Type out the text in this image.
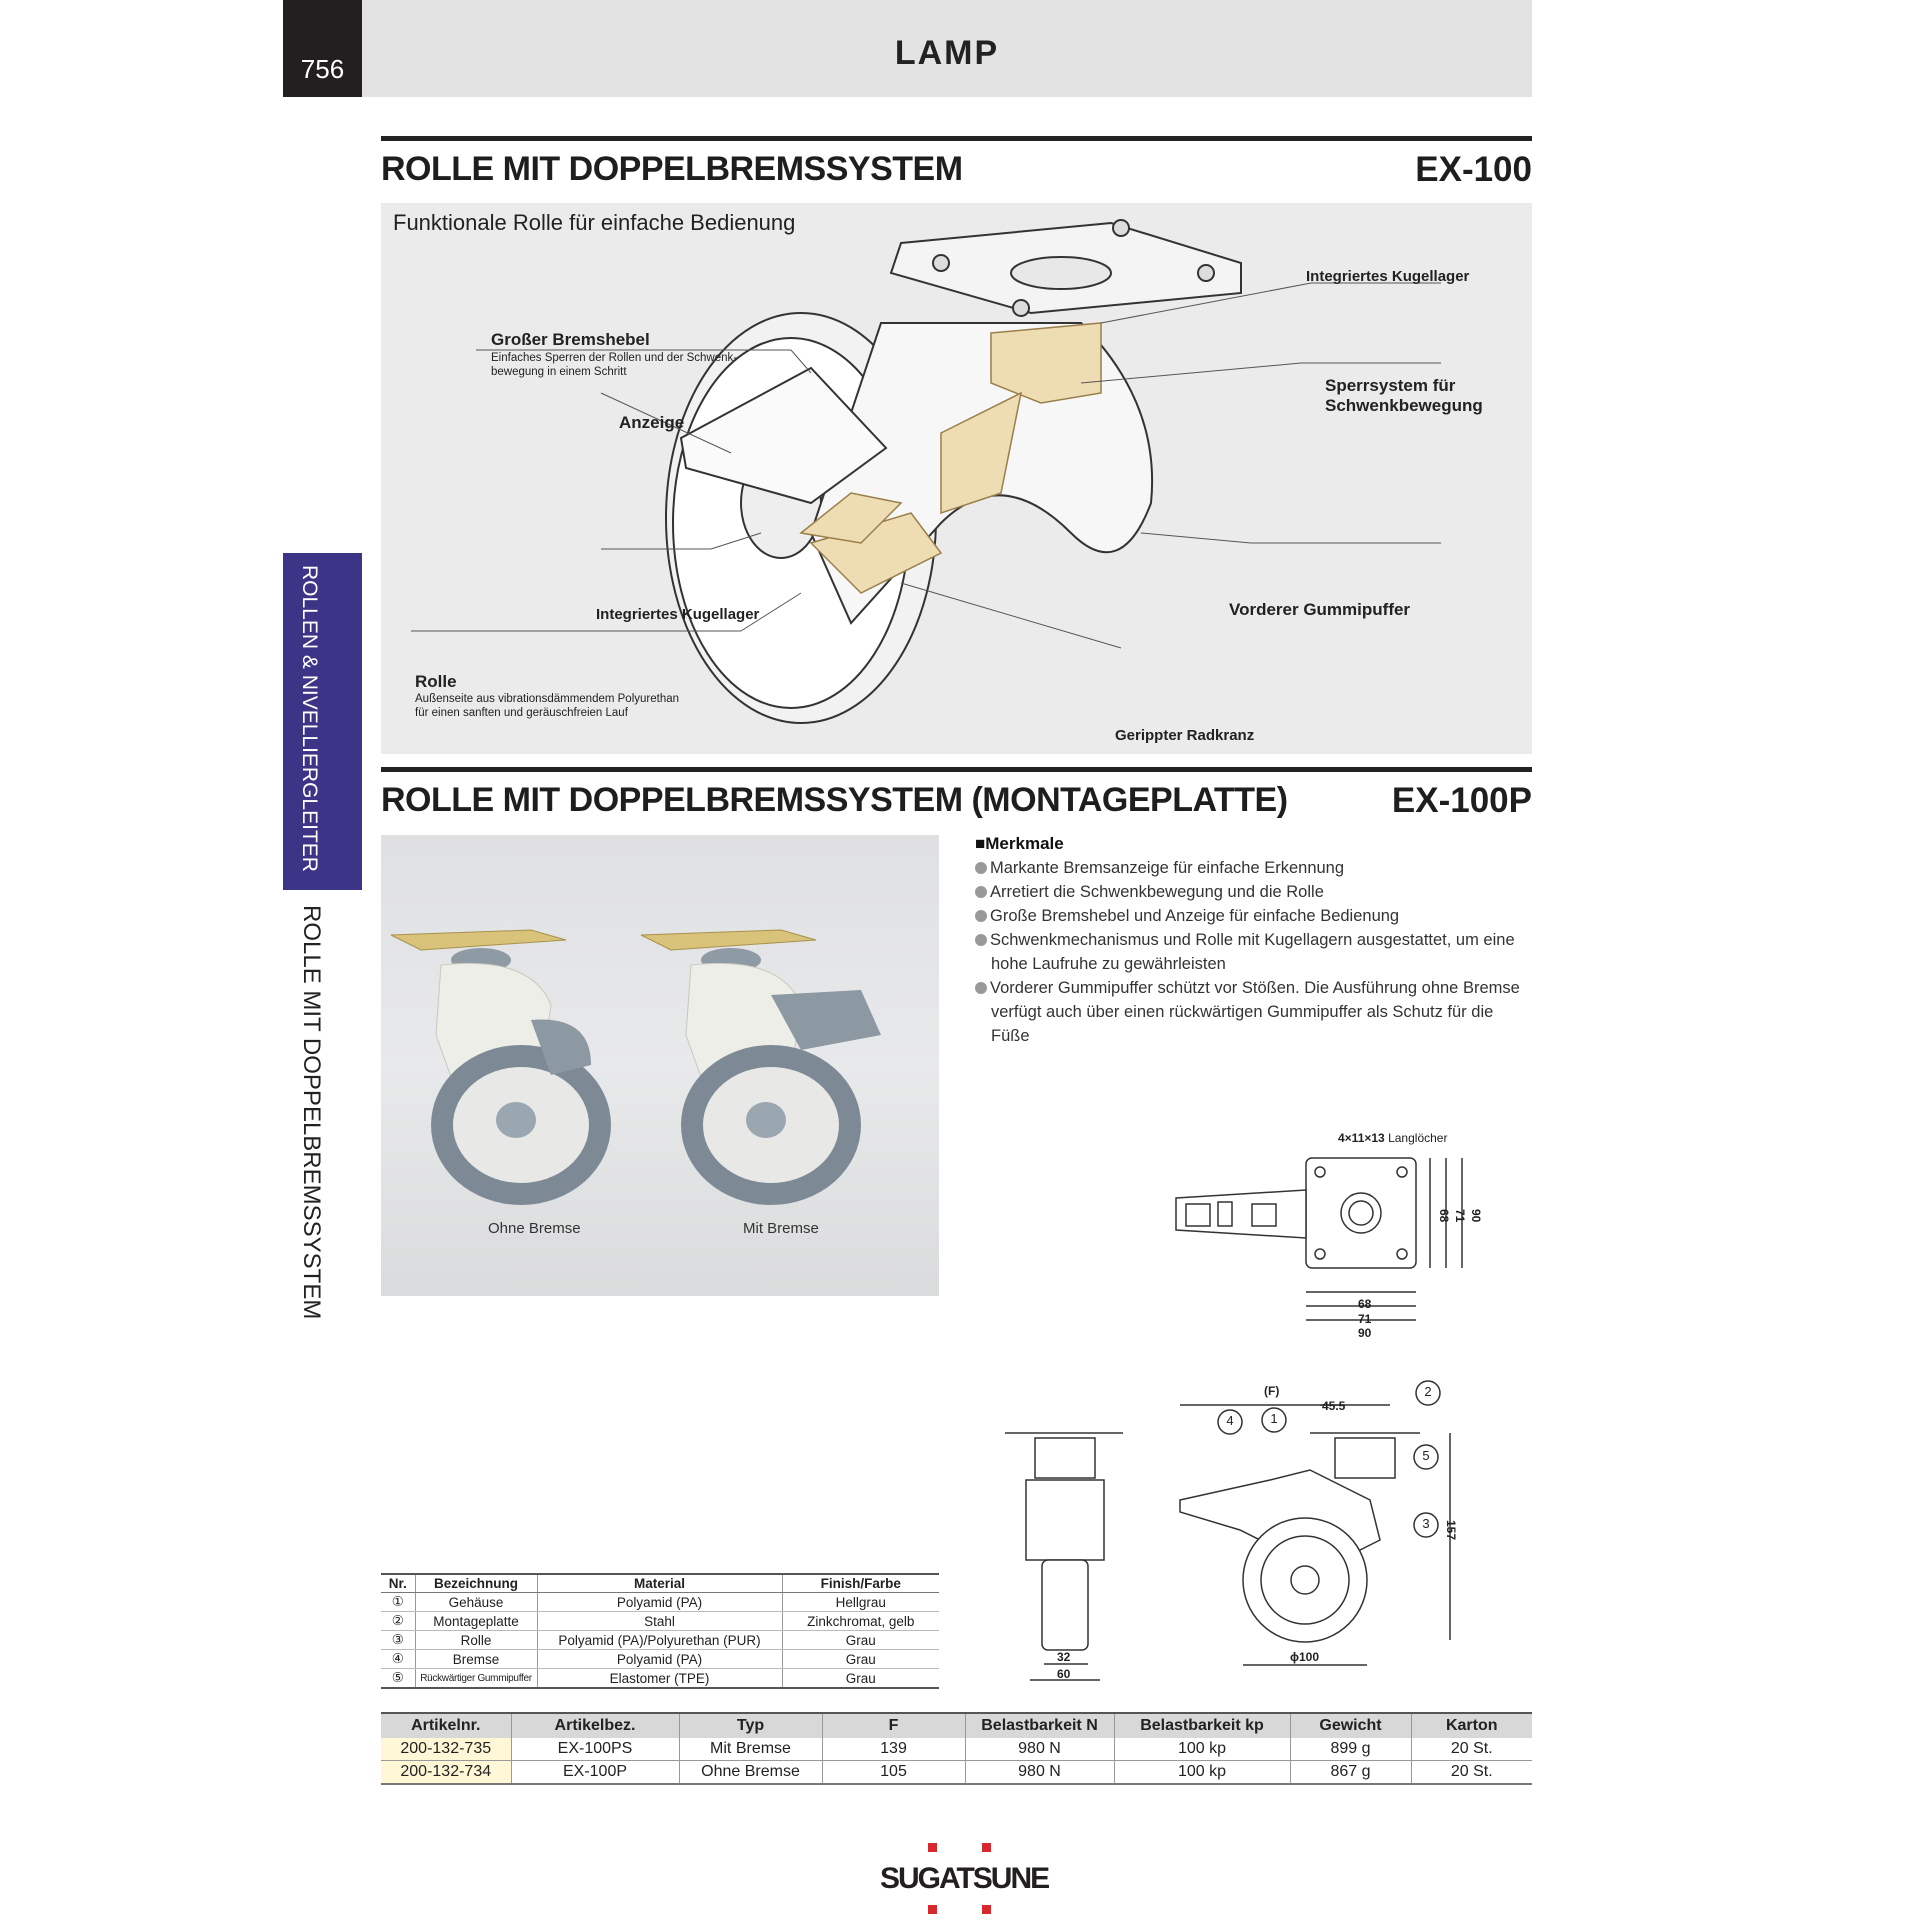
756	LAMP
ROLLEN & NIVELLIERGLEITER
ROLLE MIT DOPPELBREMSSYSTEM
ROLLE MIT DOPPELBREMSSYSTEM	EX-100
Funktionale Rolle für einfache Bedienung
Integriertes Kugellager
Großer Bremshebel
Einfaches Sperren der Rollen und der Schwenk-
bewegung in einem Schritt
Anzeige
Sperrsystem für
Schwenkbewegung
Integriertes Kugellager	Vorderer Gummipuffer
Rolle
Außenseite aus vibrationsdämmendem Polyurethan
für einen sanften und geräuschfreien Lauf
Gerippter Radkranz
ROLLE MIT DOPPELBREMSSYSTEM (MONTAGEPLATTE)	EX-100P
Ohne Bremse	Mit Bremse
■Merkmale
Markante Bremsanzeige für einfache Erkennung
Arretiert die Schwenkbewegung und die Rolle
Große Bremshebel und Anzeige für einfache Bedienung
Schwenkmechanismus und Rolle mit Kugellagern ausgestattet, um eine hohe Laufruhe zu gewährleisten
Vorderer Gummipuffer schützt vor Stößen. Die Ausführung ohne Bremse verfügt auch über einen rückwärtigen Gummipuffer als Schutz für die Füße
4×11×13 Langlöcher
68
71
90
68 71 90
32
60
(F)
45.5
157
ϕ100
4	1
2
5
3
Nr.	Bezeichnung	Material	Finish/Farbe
①	Gehäuse	Polyamid (PA)	Hellgrau
②	Montageplatte	Stahl	Zinkchromat, gelb
③	Rolle	Polyamid (PA)/Polyurethan (PUR)	Grau
④	Bremse	Polyamid (PA)	Grau
⑤	Rückwärtiger Gummipuffer	Elastomer (TPE)	Grau
Artikelnr.	Artikelbez.	Typ	F	Belastbarkeit N	Belastbarkeit kp	Gewicht	Karton
200-132-735	EX-100PS	Mit Bremse	139	980 N	100 kp	899 g	20 St.
200-132-734	EX-100P	Ohne Bremse	105	980 N	100 kp	867 g	20 St.
SUGATSUNE
